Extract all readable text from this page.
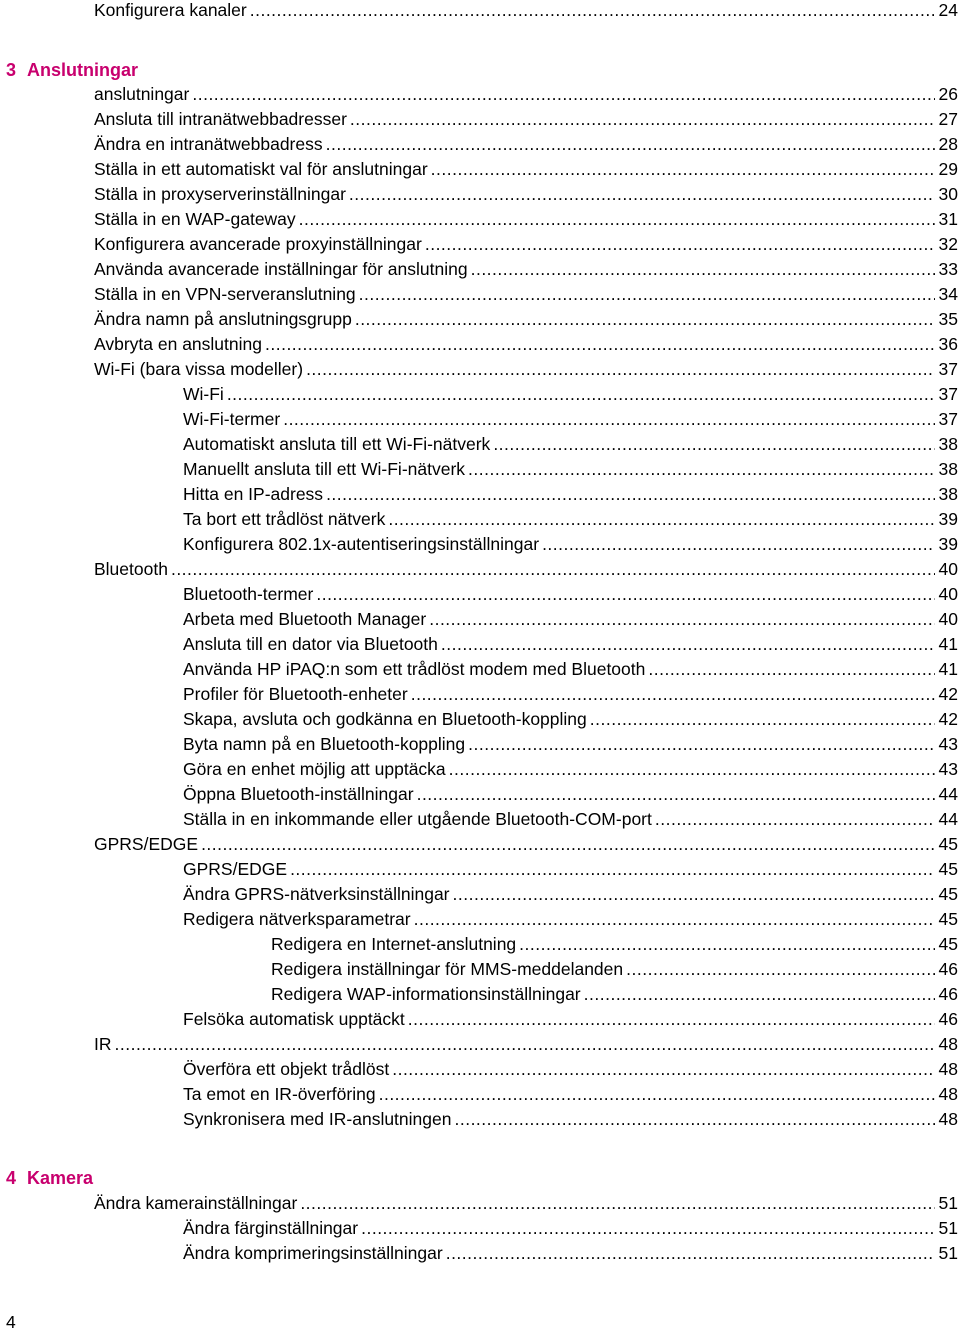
Konfigurera kanaler .....	24
3 Anslutningar
anslutningar .....	26
Ansluta till intranätwebbadresser .....	27
Ändra en intranätwebbadress .....	28
Ställa in ett automatiskt val för anslutningar .....	29
Ställa in proxyserverinställningar .....	30
Ställa in en WAP-gateway .....	31
Konfigurera avancerade proxyinställningar .....	32
Använda avancerade inställningar för anslutning .....	33
Ställa in en VPN-serveranslutning .....	34
Ändra namn på anslutningsgrupp .....	35
Avbryta en anslutning .....	36
Wi-Fi (bara vissa modeller) .....	37
Wi-Fi .....	37
Wi-Fi-termer .....	37
Automatiskt ansluta till ett Wi-Fi-nätverk .....	38
Manuellt ansluta till ett Wi-Fi-nätverk .....	38
Hitta en IP-adress .....	38
Ta bort ett trådlöst nätverk .....	39
Konfigurera 802.1x-autentiseringsinställningar .....	39
Bluetooth .....	40
Bluetooth-termer .....	40
Arbeta med Bluetooth Manager .....	40
Ansluta till en dator via Bluetooth .....	41
Använda HP iPAQ:n som ett trådlöst modem med Bluetooth .....	41
Profiler för Bluetooth-enheter .....	42
Skapa, avsluta och godkänna en Bluetooth-koppling .....	42
Byta namn på en Bluetooth-koppling .....	43
Göra en enhet möjlig att upptäcka .....	43
Öppna Bluetooth-inställningar .....	44
Ställa in en inkommande eller utgående Bluetooth-COM-port .....	44
GPRS/EDGE .....	45
GPRS/EDGE .....	45
Ändra GPRS-nätverksinställningar .....	45
Redigera nätverksparametrar .....	45
Redigera en Internet-anslutning .....	45
Redigera inställningar för MMS-meddelanden .....	46
Redigera WAP-informationsinställningar .....	46
Felsöka automatisk upptäckt .....	46
IR .....	48
Överföra ett objekt trådlöst .....	48
Ta emot en IR-överföring .....	48
Synkronisera med IR-anslutningen .....	48
4 Kamera
Ändra kamerainställningar .....	51
Ändra färginställningar .....	51
Ändra komprimeringsinställningar .....	51
4
